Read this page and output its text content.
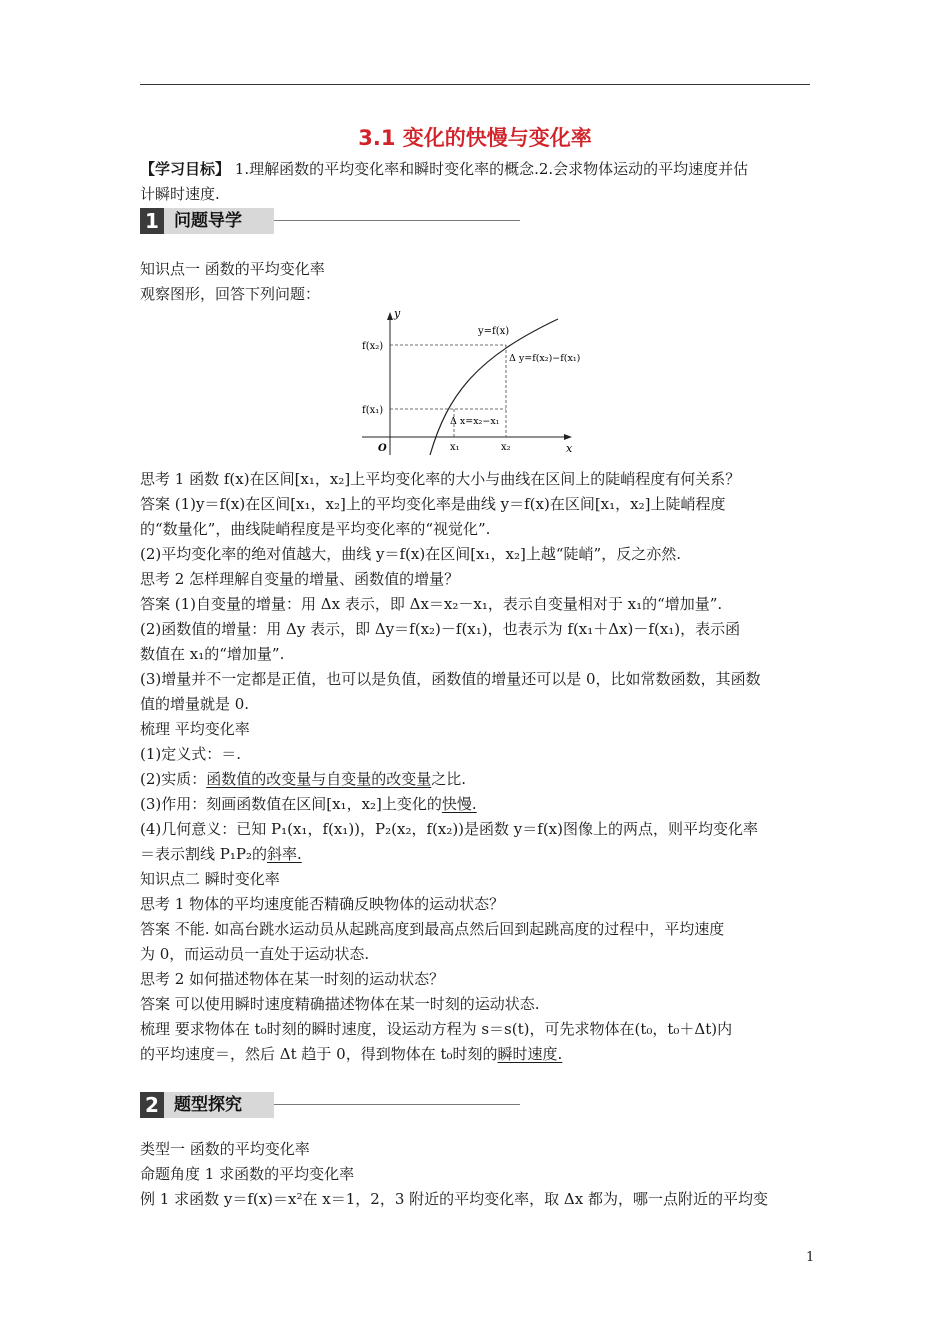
3.1 变化的快慢与变化率
【学习目标】 1.理解函数的平均变化率和瞬时变化率的概念.2.会求物体运动的平均速度并估
计瞬时速度.
1 问题导学
知识点一 函数的平均变化率
观察图形，回答下列问题：
y
x
O
y=f(x)
f(x₂)
f(x₁)
Δ y=f(x₂)−f(x₁)
Δ x=x₂−x₁
x₁	x₂
思考 1 函数 f(x)在区间[x₁，x₂]上平均变化率的大小与曲线在区间上的陡峭程度有何关系？
答案 (1)y＝f(x)在区间[x₁，x₂]上的平均变化率是曲线 y＝f(x)在区间[x₁，x₂]上陡峭程度
的“数量化”，曲线陡峭程度是平均变化率的“视觉化”.
(2)平均变化率的绝对值越大，曲线 y＝f(x)在区间[x₁，x₂]上越“陡峭”，反之亦然.
思考 2 怎样理解自变量的增量、函数值的增量？
答案 (1)自变量的增量：用 Δx 表示，即 Δx＝x₂－x₁，表示自变量相对于 x₁的“增加量”.
(2)函数值的增量：用 Δy 表示，即 Δy＝f(x₂)－f(x₁)，也表示为 f(x₁＋Δx)－f(x₁)，表示函
数值在 x₁的“增加量”.
(3)增量并不一定都是正值，也可以是负值，函数值的增量还可以是 0，比如常数函数，其函数
值的增量就是 0.
梳理 平均变化率
(1)定义式：＝.
(2)实质：函数值的改变量与自变量的改变量之比.
(3)作用：刻画函数值在区间[x₁，x₂]上变化的快慢.
(4)几何意义：已知 P₁(x₁，f(x₁))，P₂(x₂，f(x₂))是函数 y＝f(x)图像上的两点，则平均变化率
＝表示割线 P₁P₂的斜率.
知识点二 瞬时变化率
思考 1 物体的平均速度能否精确反映物体的运动状态？
答案 不能. 如高台跳水运动员从起跳高度到最高点然后回到起跳高度的过程中，平均速度
为 0，而运动员一直处于运动状态.
思考 2 如何描述物体在某一时刻的运动状态？
答案 可以使用瞬时速度精确描述物体在某一时刻的运动状态.
梳理 要求物体在 t₀时刻的瞬时速度，设运动方程为 s＝s(t)，可先求物体在(t₀，t₀＋Δt)内
的平均速度＝，然后 Δt 趋于 0，得到物体在 t₀时刻的瞬时速度.
2 题型探究
类型一 函数的平均变化率
命题角度 1 求函数的平均变化率
例 1 求函数 y＝f(x)＝x²在 x＝1，2，3 附近的平均变化率，取 Δx 都为，哪一点附近的平均变
1
